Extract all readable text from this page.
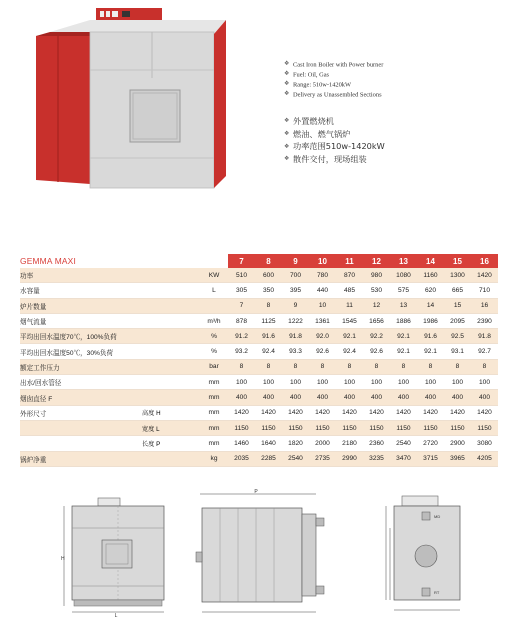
❖ Cast Iron Boiler with Power burner
❖ Fuel: Oil, Gas
❖ Range: 510w-1420kW
❖ Delivery as Unassembled Sections
❖ 外置燃烧机
❖ 燃油、燃气锅炉
❖ 功率范围510w-1420kW
❖ 散件交付，现场组装
GEMMA MAXI			7	8	9	10	11	12	13	14	15	16
功率		KW	510	600	700	780	870	980	1080	1160	1300	1420
水容量		L	305	350	395	440	485	530	575	620	665	710
炉片数量			7	8	9	10	11	12	13	14	15	16
烟气流量		m³/h	878	1125	1222	1361	1545	1656	1886	1986	2095	2390
平均出回水温度70℃，100%负荷		%	91.2	91.6	91.8	92.0	92.1	92.2	92.1	91.6	92.5	91.8
平均出回水温度50℃，30%负荷		%	93.2	92.4	93.3	92.6	92.4	92.6	92.1	92.1	93.1	92.7
额定工作压力		bar	8	8	8	8	8	8	8	8	8	8
出水/回水管径		mm	100	100	100	100	100	100	100	100	100	100
烟囱直径 F		mm	400	400	400	400	400	400	400	400	400	400
外形尺寸	高度 H	mm	1420	1420	1420	1420	1420	1420	1420	1420	1420	1420
	宽度 L	mm	1150	1150	1150	1150	1150	1150	1150	1150	1150	1150
	长度 P	mm	1460	1640	1820	2000	2180	2360	2540	2720	2900	3080
锅炉净重		kg	2035	2285	2540	2735	2990	3235	3470	3715	3965	4205
L
H
P
MD
RT
